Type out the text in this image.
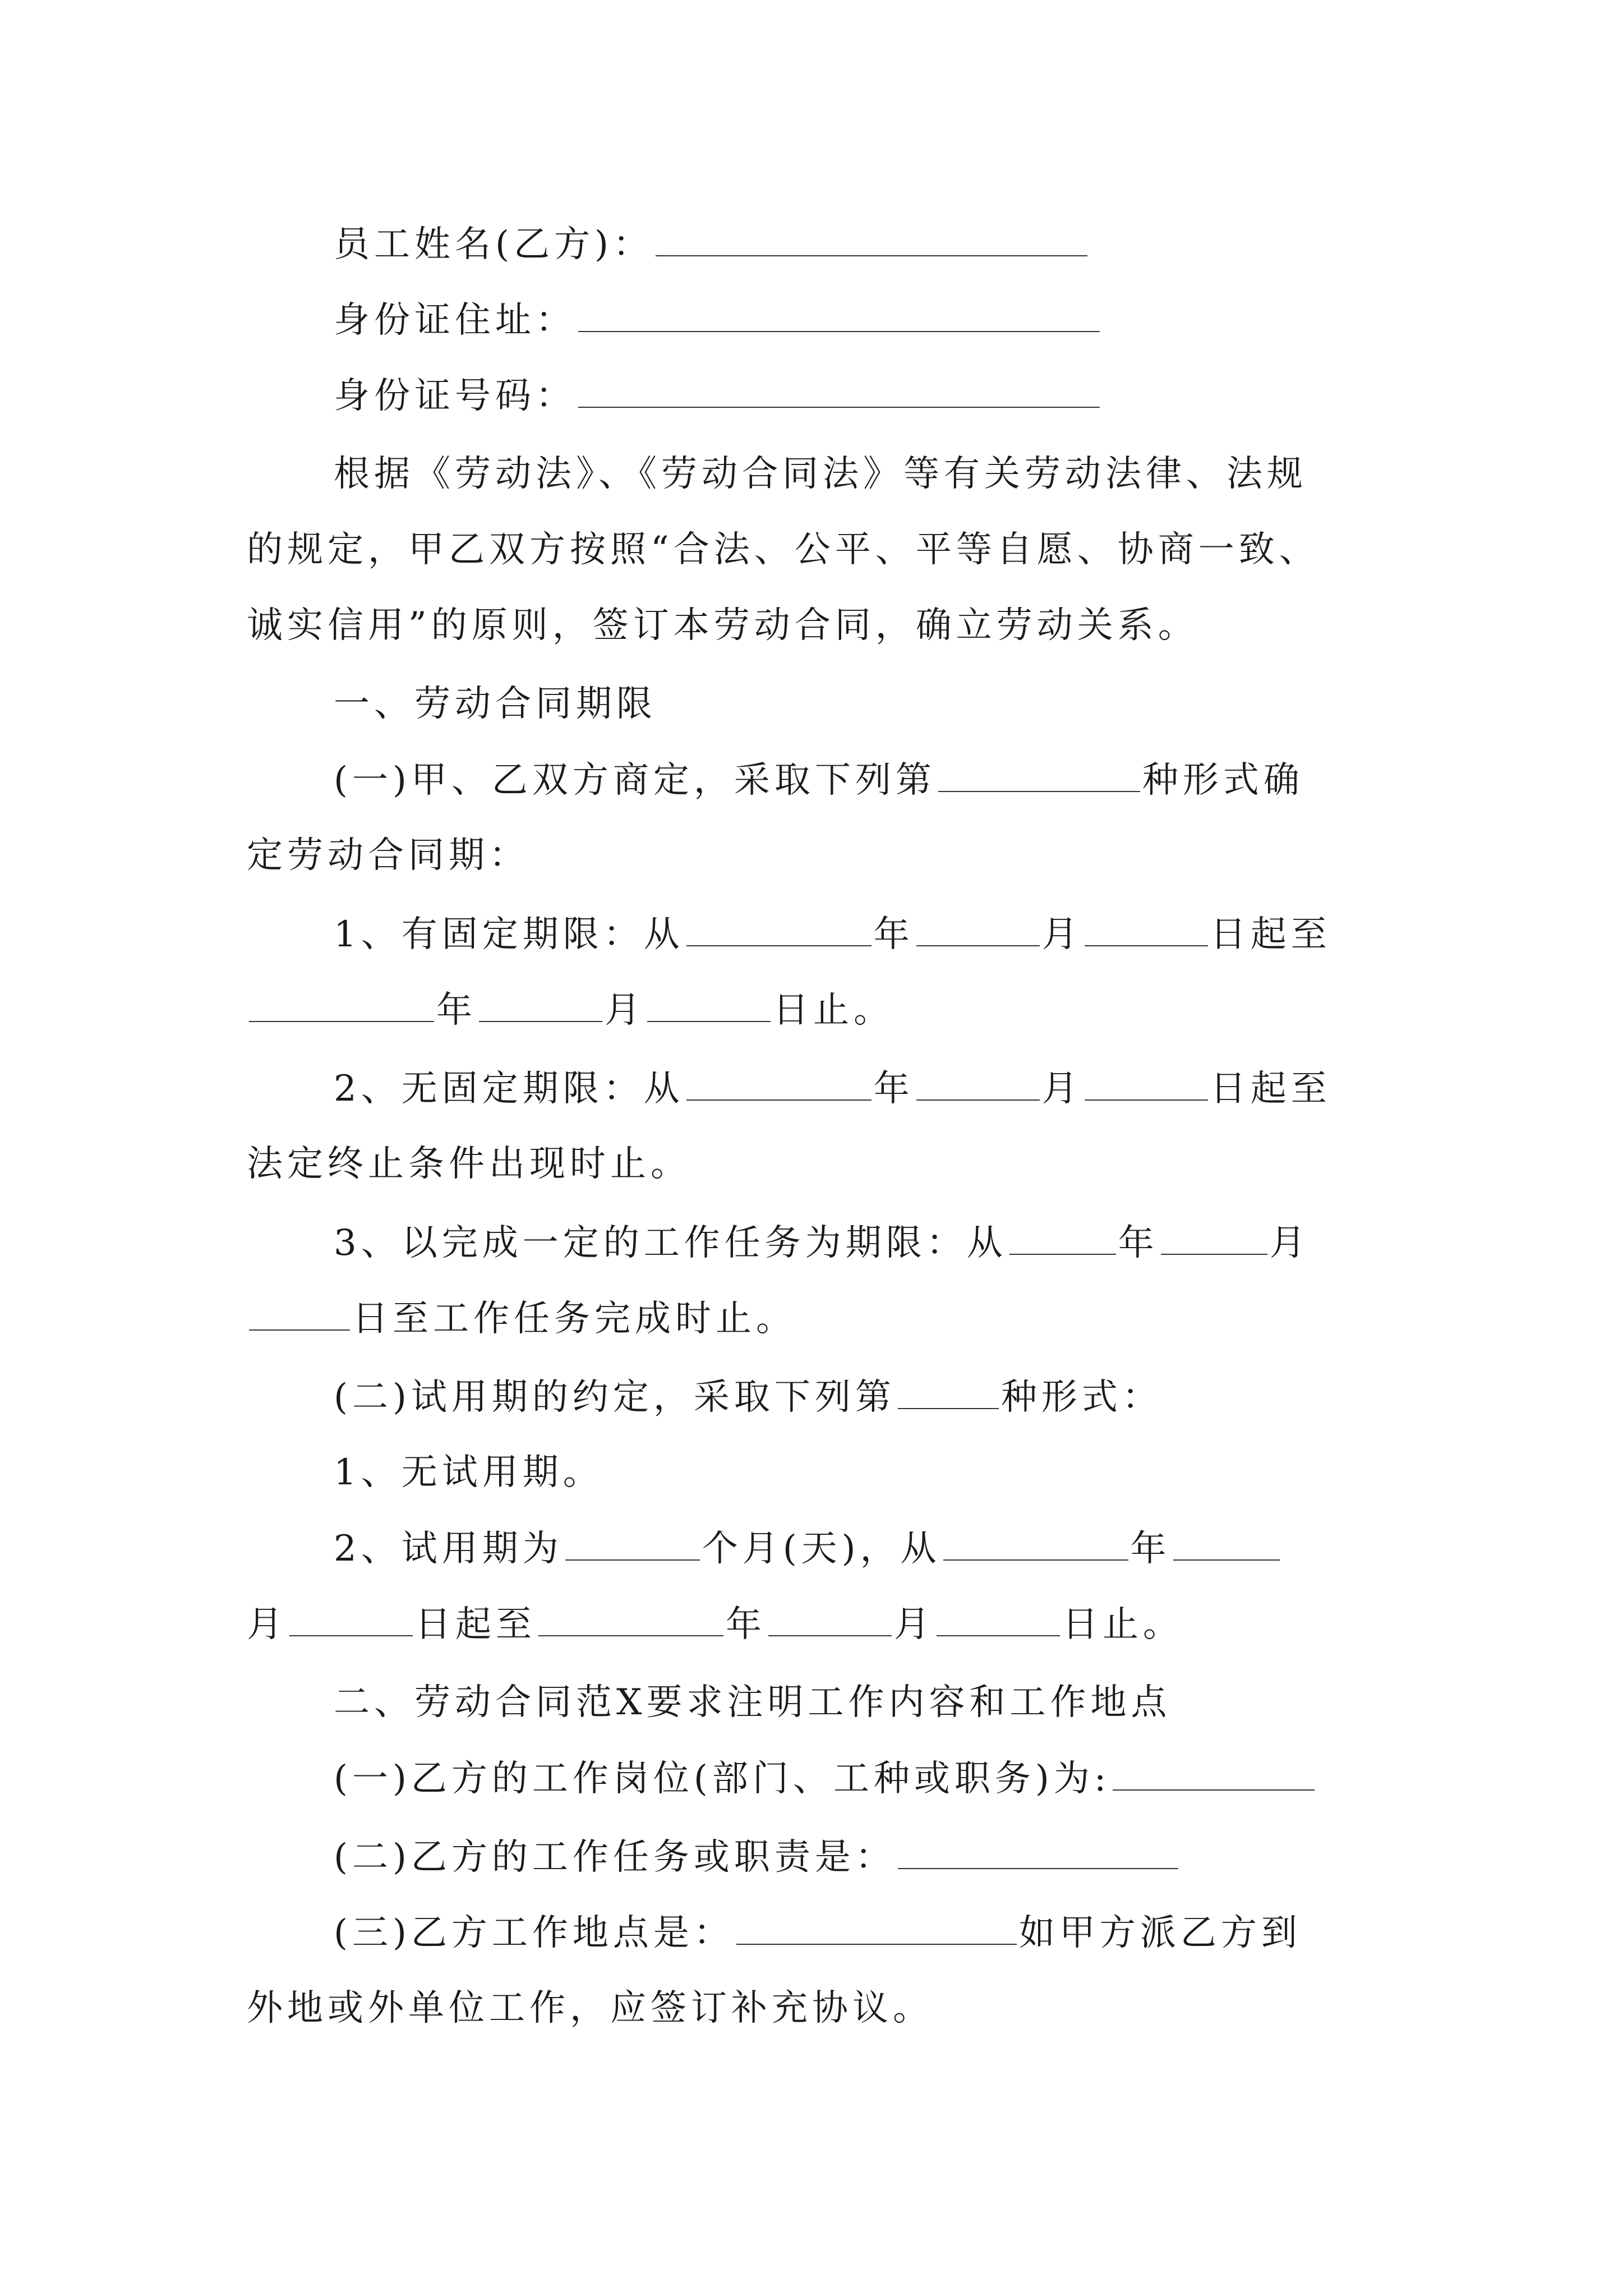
员工姓名(乙方)：
身份证住址：
身份证号码：
根据《劳动法》、《劳动合同法》等有关劳动法律、法规
的规定，甲乙双方按照“合法、公平、平等自愿、协商一致、
诚实信用”的原则，签订本劳动合同，确立劳动关系。
一、劳动合同期限
(一)甲、乙双方商定，采取下列第	种形式确
定劳动合同期：
1、有固定期限：从	年	月	日起至
年	月	日止。
2、无固定期限：从	年	月	日起至
法定终止条件出现时止。
3、以完成一定的工作任务为期限：从	年	月
日至工作任务完成时止。
(二)试用期的约定，采取下列第	种形式：
1、无试用期。
2、试用期为	个月(天)，从	年
月	日起至	年	月	日止。
二、劳动合同范X要求注明工作内容和工作地点
(一)乙方的工作岗位(部门、工种或职务)为:
(二)乙方的工作任务或职责是：
(三)乙方工作地点是：	如甲方派乙方到
外地或外单位工作，应签订补充协议。
